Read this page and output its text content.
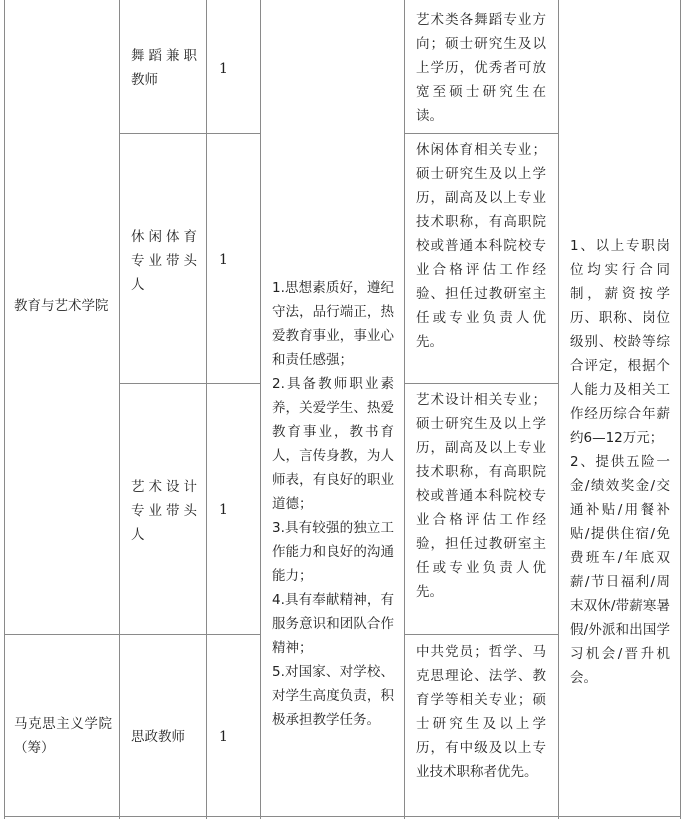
教育与艺术学院
马克思主义学院（筹）
舞蹈兼职教师
休闲体育专业带头人
艺术设计专业带头人
思政教师
1
1
1
1
1.思想素质好，遵纪守法，品行端正，热爱教育事业，事业心和责任感强；
2.具备教师职业素养，关爱学生、热爱教育事业，教书育人，言传身教，为人师表，有良好的职业道德；
3.具有较强的独立工作能力和良好的沟通能力；
4.具有奉献精神，有服务意识和团队合作精神；
5.对国家、对学校、对学生高度负责，积极承担教学任务。
艺术类各舞蹈专业方向；硕士研究生及以上学历，优秀者可放宽至硕士研究生在读。
休闲体育相关专业；硕士研究生及以上学历，副高及以上专业技术职称，有高职院校或普通本科院校专业合格评估工作经验、担任过教研室主任或专业负责人优先。
艺术设计相关专业；硕士研究生及以上学历，副高及以上专业技术职称，有高职院校或普通本科院校专业合格评估工作经验，担任过教研室主任或专业负责人优先。
中共党员；哲学、马克思理论、法学、教育学等相关专业；硕士研究生及以上学历，有中级及以上专业技术职称者优先。
1、以上专职岗位均实行合同制，薪资按学历、职称、岗位级别、校龄等综合评定，根据个人能力及相关工作经历综合年薪约6—12万元；
2、提供五险一金/绩效奖金/交通补贴/用餐补贴/提供住宿/免费班车/年底双薪/节日福利/周末双休/带薪寒暑假/外派和出国学习机会/晋升机会。
